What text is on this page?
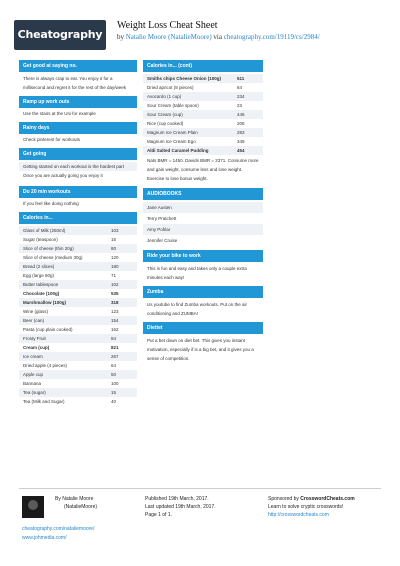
Cheatography
Weight Loss Cheat Sheet
by Natalie Moore (NatalieMoore) via cheatography.com/19119/cs/2984/
Get good at saying no.
There is always crap to eat. You enjoy it for a millisecond and regret it for the rest of the day/week
Ramp up work outs
Use the stairs at the Uni for example
Rainy days
Check pinterest for workouts
Get going
Getting started on each workout is the hardest part
Once you are actually going you enjoy it
Do 20 min workouts
If you feel like doing nothing
Calories in...
Glass of Milk (250ml)	103
Sugar (teaspoon)	15
Slice of cheese (thin 20g)	80
Slice of cheese (medium 30g)	120
Bread (2 slices)	180
Egg (large 50g)	71
Butter tablespoon	102
Chocolate (100g)	535
Marshmallow (100g)	318
Wine (glass)	123
Beer (can)	154
Pasta (cup plain cooked)	162
Frosty Fruit	84
Cream (cup)	821
Ice cream	267
Dried apple (4 pieces)	64
Apple cup	50
Bannana	100
Tea (sugar)	15
Tea (Milk and Sugar)	40
Calories in... (cont)
Smiths chips Cheese Onion (100g)	511
Dried apricot (8 pieces)	64
Avocardo (1 cup)	234
Sour Cream (table spoon)	23
Sour Cream (cup)	445
Rice (cup cooked)	206
Magnum Ice Cream Plain	283
Magnum Ice Cream Ego	349
Aldi Salted Caramel Pudding	454
Nats BMR = 1450. Davids BMR = 2371. Consume more and gain weight, consume less and lose weight. Exercise to lose bonus weight.
AUDIOBOOKS
Jane Austen
Terry Pratchett
Amy Pohlar
Jennifer Cruise
Ride your bike to work
This is fun and easy and takes only a couple extra minutes each way!
Zumba
Us youtube to find Zumba workouts. Put on the air conditioning and ZUMBA!
Diettet
Put a bet down on diet bet. This gives you instant motivation, especially if is a big bet, and it gives you a sense of competition.
By Natalie Moore
(NatalieMoore)
cheatography.com/nataliemoore/
www.johmedia.com/
Published 19th March, 2017.
Last updated 19th March, 2017.
Page 1 of 1.
Sponsored by CrosswordCheats.com
Learn to solve cryptic crosswords!
http://crosswordcheats.com
